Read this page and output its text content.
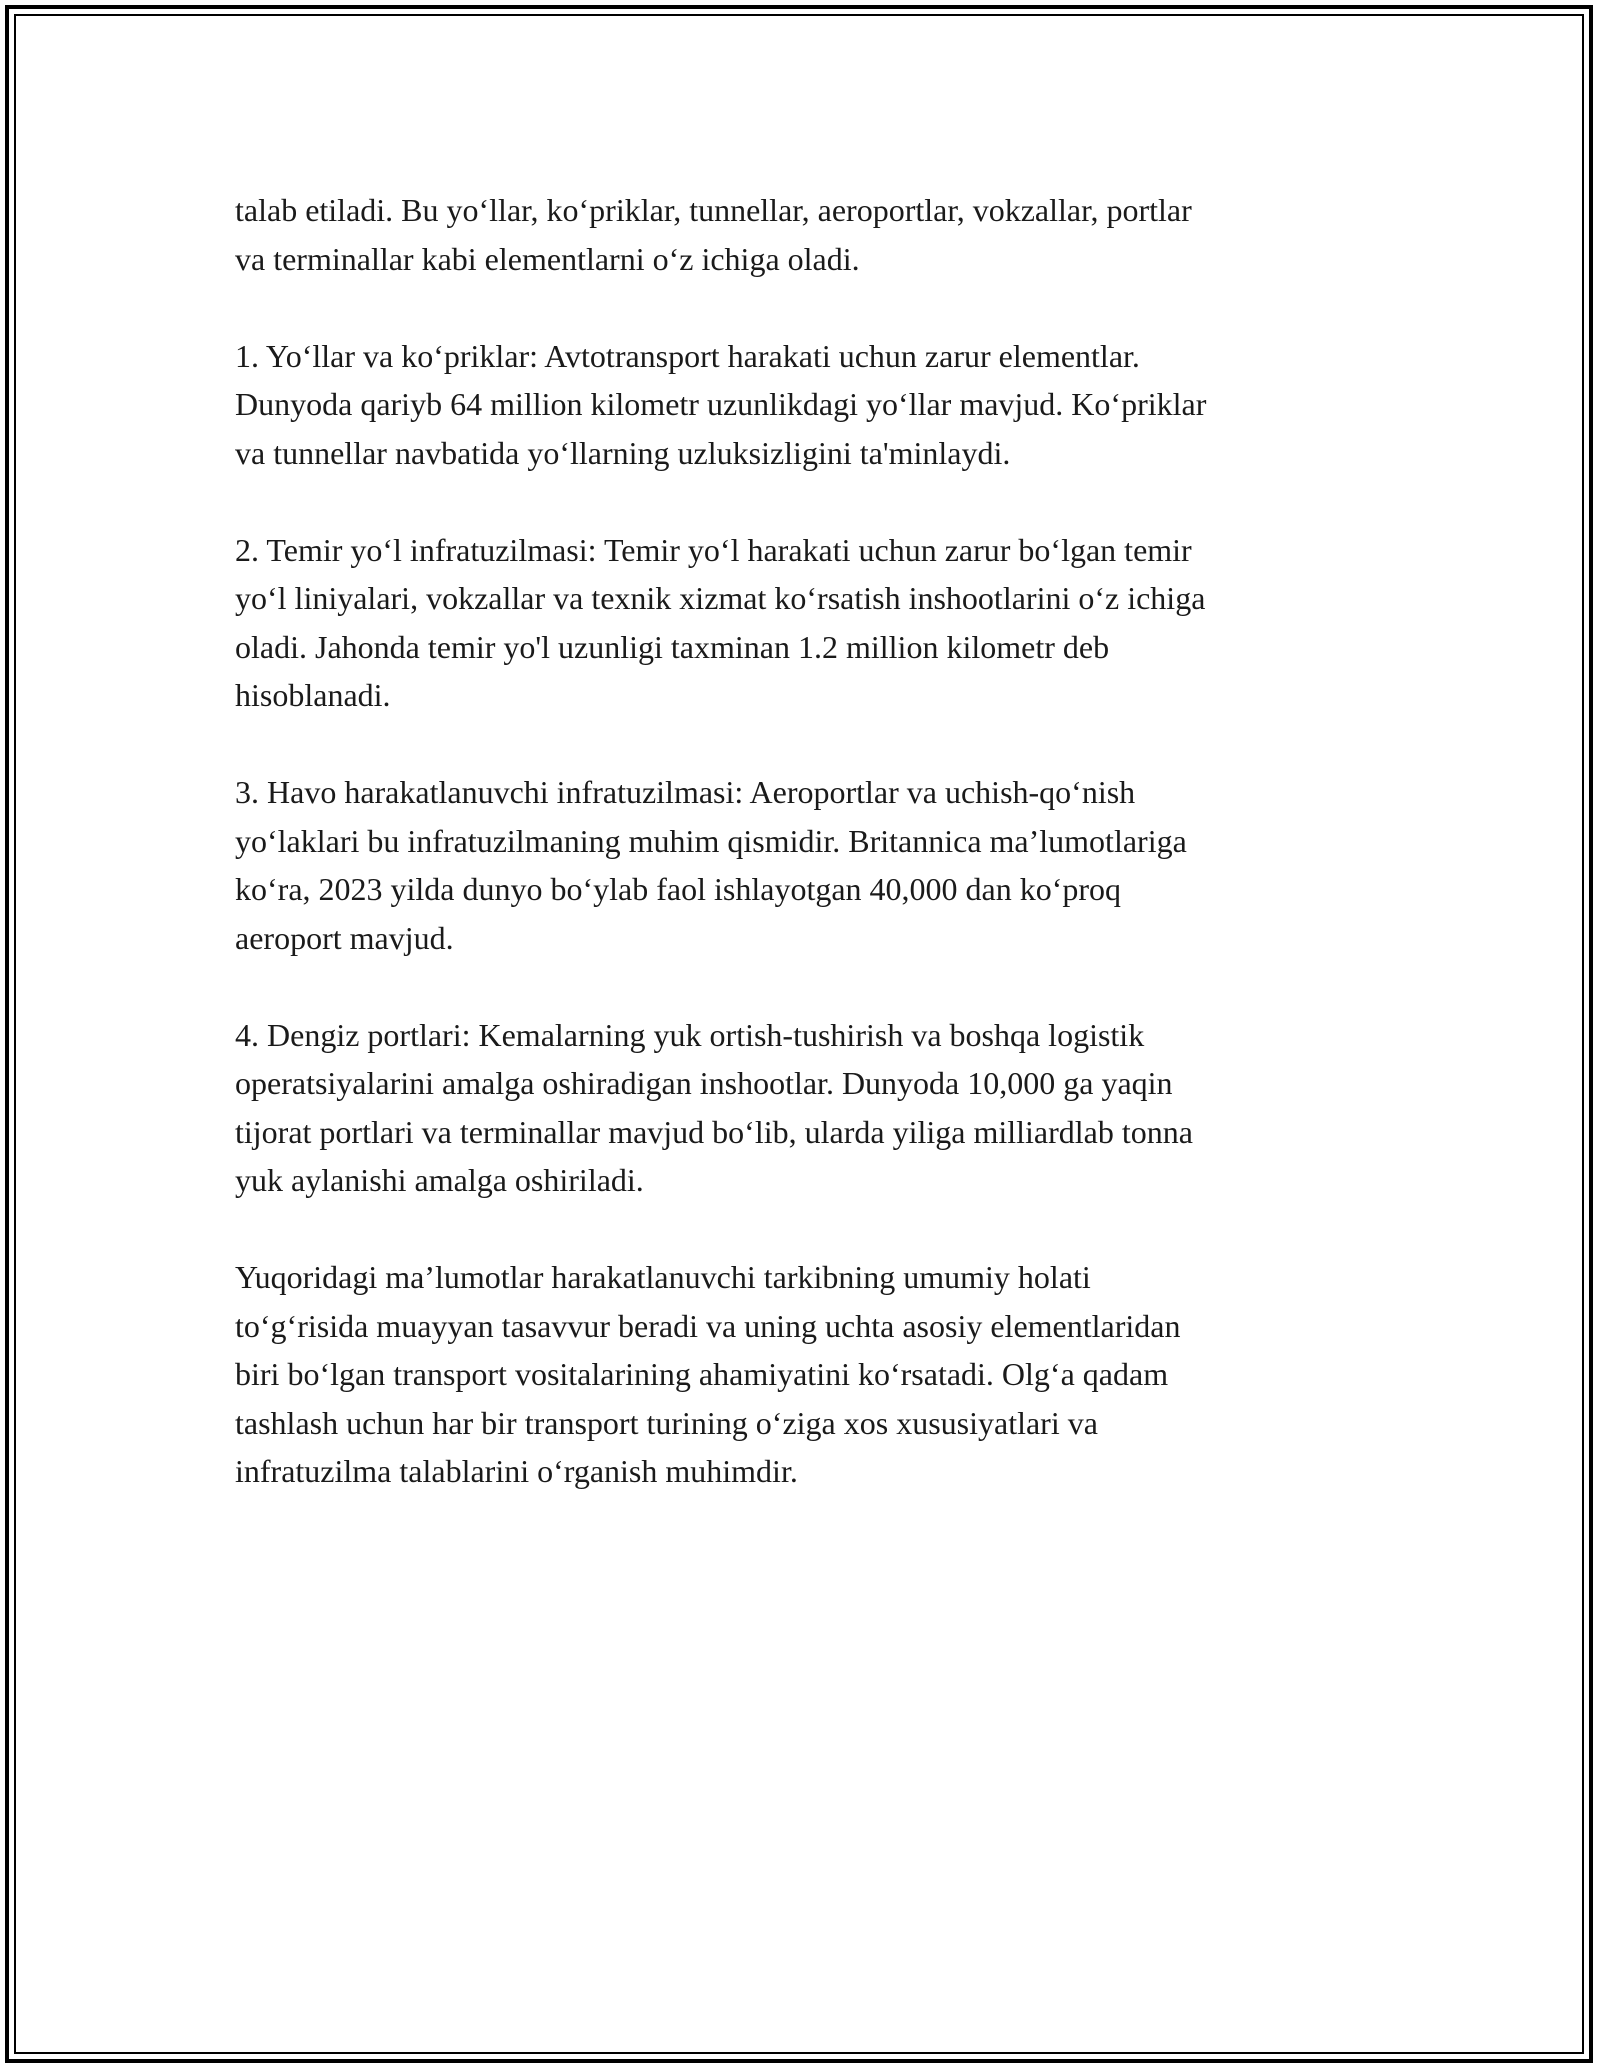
talab etiladi. Bu yo‘llar, ko‘priklar, tunnellar, aeroportlar, vokzallar, portlar
va terminallar kabi elementlarni o‘z ichiga oladi.

1. Yo‘llar va ko‘priklar: Avtotransport harakati uchun zarur elementlar.
Dunyoda qariyb 64 million kilometr uzunlikdagi yo‘llar mavjud. Ko‘priklar
va tunnellar navbatida yo‘llarning uzluksizligini ta'minlaydi.

2. Temir yo‘l infratuzilmasi: Temir yo‘l harakati uchun zarur bo‘lgan temir
yo‘l liniyalari, vokzallar va texnik xizmat ko‘rsatish inshootlarini o‘z ichiga
oladi. Jahonda temir yo'l uzunligi taxminan 1.2 million kilometr deb
hisoblanadi.

3. Havo harakatlanuvchi infratuzilmasi: Aeroportlar va uchish-qo‘nish
yo‘laklari bu infratuzilmaning muhim qismidir. Britannica ma’lumotlariga
ko‘ra, 2023 yilda dunyo bo‘ylab faol ishlayotgan 40,000 dan ko‘proq
aeroport mavjud.

4. Dengiz portlari: Kemalarning yuk ortish-tushirish va boshqa logistik
operatsiyalarini amalga oshiradigan inshootlar. Dunyoda 10,000 ga yaqin
tijorat portlari va terminallar mavjud bo‘lib, ularda yiliga milliardlab tonna
yuk aylanishi amalga oshiriladi.

Yuqoridagi ma’lumotlar harakatlanuvchi tarkibning umumiy holati
to‘g‘risida muayyan tasavvur beradi va uning uchta asosiy elementlaridan
biri bo‘lgan transport vositalarining ahamiyatini ko‘rsatadi. Olg‘a qadam
tashlash uchun har bir transport turining o‘ziga xos xususiyatlari va
infratuzilma talablarini o‘rganish muhimdir.
